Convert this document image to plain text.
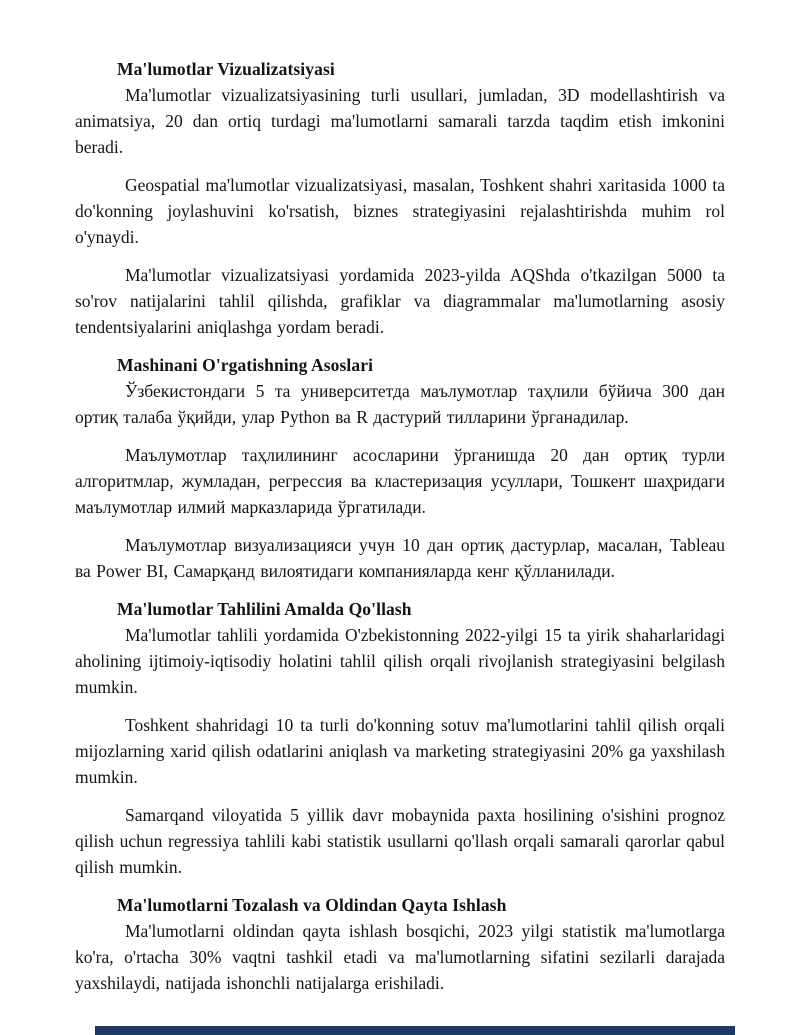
Ma'lumotlar Vizualizatsiyasi

Ma'lumotlar vizualizatsiyasining turli usullari, jumladan, 3D modellashtirish va animatsiya, 20 dan ortiq turdagi ma'lumotlarni samarali tarzda taqdim etish imkonini beradi.

Geospatial ma'lumotlar vizualizatsiyasi, masalan, Toshkent shahri xaritasida 1000 ta do'konning joylashuvini ko'rsatish, biznes strategiyasini rejalashtirishda muhim rol o'ynaydi.

Ma'lumotlar vizualizatsiyasi yordamida 2023-yilda AQShda o'tkazilgan 5000 ta so'rov natijalarini tahlil qilishda, grafiklar va diagrammalar ma'lumotlarning asosiy tendentsiyalarini aniqlashga yordam beradi.

Mashinani O'rgatishning Asoslari

Ўзбекистондаги 5 та университетда маълумотлар таҳлили бўйича 300 дан ортиқ талаба ўқийди, улар Python ва R дастурий тилларини ўрганадилар.

Маълумотлар таҳлилининг асосларини ўрганишда 20 дан ортиқ турли алгоритмлар, жумладан, регрессия ва кластеризация усуллари, Тошкент шаҳридаги маълумотлар илмий марказларида ўргатилади.

Маълумотлар визуализацияси учун 10 дан ортиқ дастурлар, масалан, Tableau ва Power BI, Самарқанд вилоятидаги компанияларда кенг қўлланилади.

Ma'lumotlar Tahlilini Amalda Qo'llash

Ma'lumotlar tahlili yordamida O'zbekistonning 2022-yilgi 15 ta yirik shaharlaridagi aholining ijtimoiy-iqtisodiy holatini tahlil qilish orqali rivojlanish strategiyasini belgilash mumkin.

Toshkent shahridagi 10 ta turli do'konning sotuv ma'lumotlarini tahlil qilish orqali mijozlarning xarid qilish odatlarini aniqlash va marketing strategiyasini 20% ga yaxshilash mumkin.

Samarqand viloyatida 5 yillik davr mobaynida paxta hosilining o'sishini prognoz qilish uchun regressiya tahlili kabi statistik usullarni qo'llash orqali samarali qarorlar qabul qilish mumkin.

Ma'lumotlarni Tozalash va Oldindan Qayta Ishlash

Ma'lumotlarni oldindan qayta ishlash bosqichi, 2023 yilgi statistik ma'lumotlarga ko'ra, o'rtacha 30% vaqtni tashkil etadi va ma'lumotlarning sifatini sezilarli darajada yaxshilaydi, natijada ishonchli natijalarga erishiladi.
